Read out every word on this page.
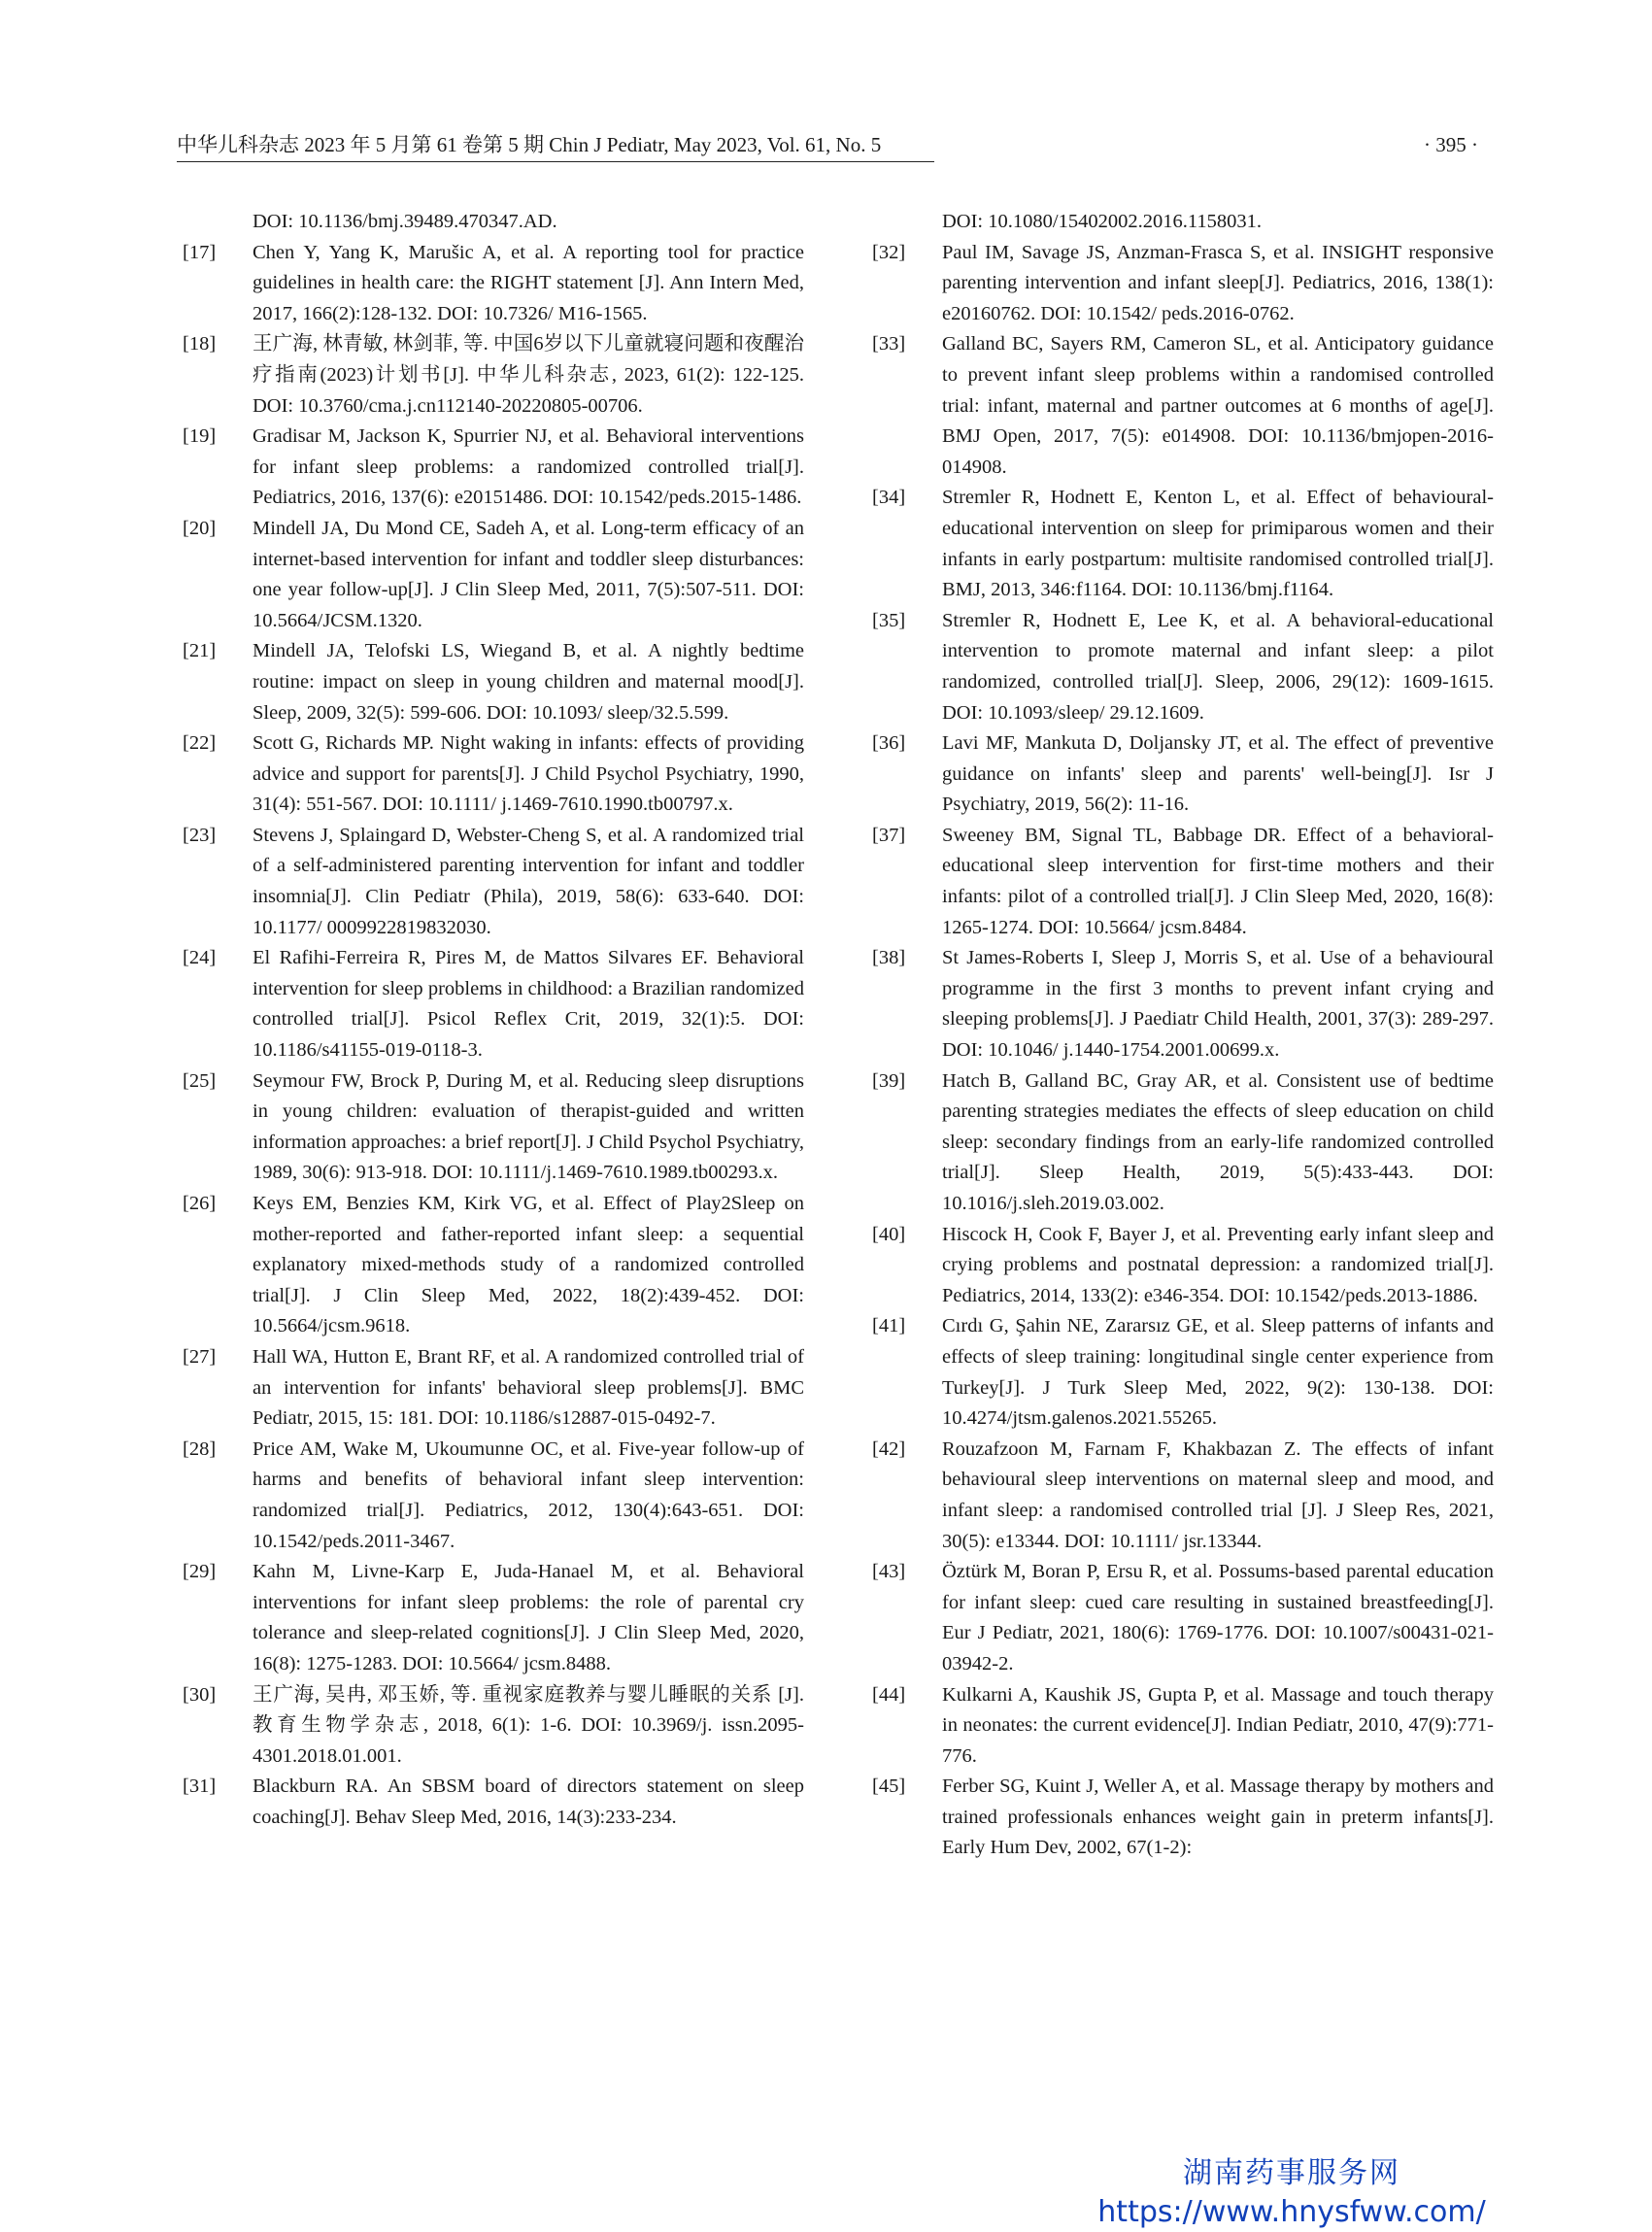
中华儿科杂志 2023 年 5 月第 61 卷第 5 期 Chin J Pediatr, May 2023, Vol. 61, No. 5	· 395 ·
DOI: 10.1136/bmj.39489.470347.AD.
[17]	Chen Y, Yang K, Marušic A, et al. A reporting tool for practice guidelines in health care: the RIGHT statement [J]. Ann Intern Med, 2017, 166(2):128-132. DOI: 10.7326/ M16-1565.
[18]	王广海, 林青敏, 林剑菲, 等. 中国6岁以下儿童就寝问题和夜醒治疗指南(2023)计划书[J]. 中华儿科杂志, 2023, 61(2): 122-125. DOI: 10.3760/cma.j.cn112140-20220805-00706.
[19]	Gradisar M, Jackson K, Spurrier NJ, et al. Behavioral interventions for infant sleep problems: a randomized controlled trial[J]. Pediatrics, 2016, 137(6): e20151486. DOI: 10.1542/peds.2015-1486.
[20]	Mindell JA, Du Mond CE, Sadeh A, et al. Long-term efficacy of an internet-based intervention for infant and toddler sleep disturbances: one year follow-up[J]. J Clin Sleep Med, 2011, 7(5):507-511. DOI: 10.5664/JCSM.1320.
[21]	Mindell JA, Telofski LS, Wiegand B, et al. A nightly bedtime routine: impact on sleep in young children and maternal mood[J]. Sleep, 2009, 32(5): 599-606. DOI: 10.1093/ sleep/32.5.599.
[22]	Scott G, Richards MP. Night waking in infants: effects of providing advice and support for parents[J]. J Child Psychol Psychiatry, 1990, 31(4): 551-567. DOI: 10.1111/ j.1469-7610.1990.tb00797.x.
[23]	Stevens J, Splaingard D, Webster-Cheng S, et al. A randomized trial of a self-administered parenting intervention for infant and toddler insomnia[J]. Clin Pediatr (Phila), 2019, 58(6): 633-640. DOI: 10.1177/ 0009922819832030.
[24]	El Rafihi-Ferreira R, Pires M, de Mattos Silvares EF. Behavioral intervention for sleep problems in childhood: a Brazilian randomized controlled trial[J]. Psicol Reflex Crit, 2019, 32(1):5. DOI: 10.1186/s41155-019-0118-3.
[25]	Seymour FW, Brock P, During M, et al. Reducing sleep disruptions in young children: evaluation of therapist-guided and written information approaches: a brief report[J]. J Child Psychol Psychiatry, 1989, 30(6): 913-918. DOI: 10.1111/j.1469-7610.1989.tb00293.x.
[26]	Keys EM, Benzies KM, Kirk VG, et al. Effect of Play2Sleep on mother-reported and father-reported infant sleep: a sequential explanatory mixed-methods study of a randomized controlled trial[J]. J Clin Sleep Med, 2022, 18(2):439-452. DOI: 10.5664/jcsm.9618.
[27]	Hall WA, Hutton E, Brant RF, et al. A randomized controlled trial of an intervention for infants' behavioral sleep problems[J]. BMC Pediatr, 2015, 15: 181. DOI: 10.1186/s12887-015-0492-7.
[28]	Price AM, Wake M, Ukoumunne OC, et al. Five-year follow-up of harms and benefits of behavioral infant sleep intervention: randomized trial[J]. Pediatrics, 2012, 130(4):643-651. DOI: 10.1542/peds.2011-3467.
[29]	Kahn M, Livne-Karp E, Juda-Hanael M, et al. Behavioral interventions for infant sleep problems: the role of parental cry tolerance and sleep-related cognitions[J]. J Clin Sleep Med, 2020, 16(8): 1275-1283. DOI: 10.5664/ jcsm.8488.
[30]	王广海, 吴冉, 邓玉娇, 等. 重视家庭教养与婴儿睡眠的关系 [J]. 教育生物学杂志, 2018, 6(1): 1-6. DOI: 10.3969/j. issn.2095-4301.2018.01.001.
[31]	Blackburn RA. An SBSM board of directors statement on sleep coaching[J]. Behav Sleep Med, 2016, 14(3):233-234.
DOI: 10.1080/15402002.2016.1158031.
[32]	Paul IM, Savage JS, Anzman-Frasca S, et al. INSIGHT responsive parenting intervention and infant sleep[J]. Pediatrics, 2016, 138(1): e20160762. DOI: 10.1542/ peds.2016-0762.
[33]	Galland BC, Sayers RM, Cameron SL, et al. Anticipatory guidance to prevent infant sleep problems within a randomised controlled trial: infant, maternal and partner outcomes at 6 months of age[J]. BMJ Open, 2017, 7(5): e014908. DOI: 10.1136/bmjopen-2016-014908.
[34]	Stremler R, Hodnett E, Kenton L, et al. Effect of behavioural-educational intervention on sleep for primiparous women and their infants in early postpartum: multisite randomised controlled trial[J]. BMJ, 2013, 346:f1164. DOI: 10.1136/bmj.f1164.
[35]	Stremler R, Hodnett E, Lee K, et al. A behavioral-educational intervention to promote maternal and infant sleep: a pilot randomized, controlled trial[J]. Sleep, 2006, 29(12): 1609-1615. DOI: 10.1093/sleep/ 29.12.1609.
[36]	Lavi MF, Mankuta D, Doljansky JT, et al. The effect of preventive guidance on infants' sleep and parents' well-being[J]. Isr J Psychiatry, 2019, 56(2): 11-16.
[37]	Sweeney BM, Signal TL, Babbage DR. Effect of a behavioral-educational sleep intervention for first-time mothers and their infants: pilot of a controlled trial[J]. J Clin Sleep Med, 2020, 16(8): 1265-1274. DOI: 10.5664/ jcsm.8484.
[38]	St James-Roberts I, Sleep J, Morris S, et al. Use of a behavioural programme in the first 3 months to prevent infant crying and sleeping problems[J]. J Paediatr Child Health, 2001, 37(3): 289-297. DOI: 10.1046/ j.1440-1754.2001.00699.x.
[39]	Hatch B, Galland BC, Gray AR, et al. Consistent use of bedtime parenting strategies mediates the effects of sleep education on child sleep: secondary findings from an early-life randomized controlled trial[J]. Sleep Health, 2019, 5(5):433-443. DOI: 10.1016/j.sleh.2019.03.002.
[40]	Hiscock H, Cook F, Bayer J, et al. Preventing early infant sleep and crying problems and postnatal depression: a randomized trial[J]. Pediatrics, 2014, 133(2): e346-354. DOI: 10.1542/peds.2013-1886.
[41]	Cırdı G, Şahin NE, Zararsız GE, et al. Sleep patterns of infants and effects of sleep training: longitudinal single center experience from Turkey[J]. J Turk Sleep Med, 2022, 9(2): 130-138. DOI: 10.4274/jtsm.galenos.2021.55265.
[42]	Rouzafzoon M, Farnam F, Khakbazan Z. The effects of infant behavioural sleep interventions on maternal sleep and mood, and infant sleep: a randomised controlled trial [J]. J Sleep Res, 2021, 30(5): e13344. DOI: 10.1111/ jsr.13344.
[43]	Öztürk M, Boran P, Ersu R, et al. Possums-based parental education for infant sleep: cued care resulting in sustained breastfeeding[J]. Eur J Pediatr, 2021, 180(6): 1769-1776. DOI: 10.1007/s00431-021-03942-2.
[44]	Kulkarni A, Kaushik JS, Gupta P, et al. Massage and touch therapy in neonates: the current evidence[J]. Indian Pediatr, 2010, 47(9):771-776.
[45]	Ferber SG, Kuint J, Weller A, et al. Massage therapy by mothers and trained professionals enhances weight gain in preterm infants[J]. Early Hum Dev, 2002, 67(1-2):
湖南药事服务网
https://www.hnysfww.com/
